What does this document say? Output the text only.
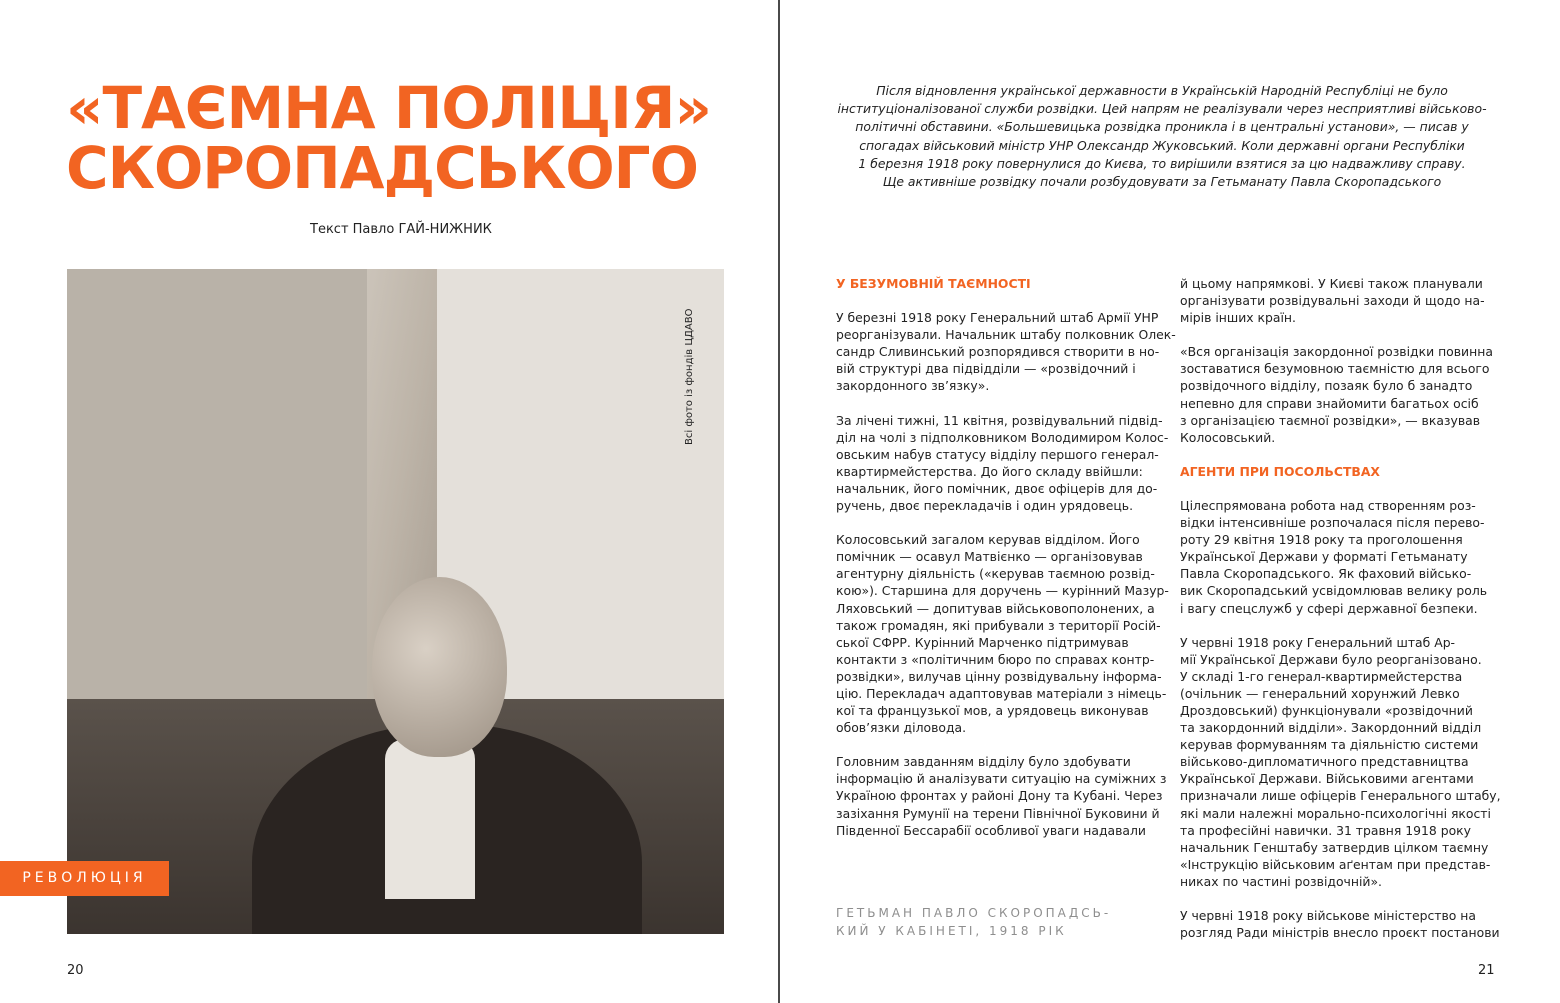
«ТАЄМНА ПОЛІЦІЯ»
СКОРОПАДСЬКОГО
Текст Павло ГАЙ-НИЖНИК
Всі фото із фондів ЦДАВО
РЕВОЛЮЦІЯ
20
Після відновлення української державности в Українській Народній Республіці не було
інституціоналізованої служби розвідки. Цей напрям не реалізували через несприятливі військово-
політичні обставини. «Большевицька розвідка проникла і в центральні установи», — писав у
спогадах військовий міністр УНР Олександр Жуковський. Коли державні органи Республіки
1 березня 1918 року повернулися до Києва, то вирішили взятися за цю надважливу справу.
Ще активніше розвідку почали розбудовувати за Гетьманату Павла Скоропадського
У БЕЗУМОВНІЙ ТАЄМНОСТІ

У березні 1918 року Генеральний штаб Армії УНР
реорганізували. Начальник штабу полковник Олек-
сандр Сливинський розпорядився створити в но-
вій структурі два підвідділи — «розвідочний і
закордонного зв’язку».

За лічені тижні, 11 квітня, розвідувальний підвід-
діл на чолі з підполковником Володимиром Колос-
овським набув статусу відділу першого генерал-
квартирмейстерства. До його складу ввійшли:
начальник, його помічник, двоє офіцерів для до-
ручень, двоє перекладачів і один урядовець.

Колосовський загалом керував відділом. Його
помічник — осавул Матвієнко — організовував
агентурну діяльність («керував таємною розвід-
кою»). Старшина для доручень — курінний Мазур-
Ляховський — допитував військовополонених, а
також громадян, які прибували з території Росій-
ської СФРР. Курінний Марченко підтримував
контакти з «політичним бюро по справах контр-
розвідки», вилучав цінну розвідувальну інформа-
цію. Перекладач адаптовував матеріали з німець-
кої та французької мов, а урядовець виконував
обов’язки діловода.

Головним завданням відділу було здобувати
інформацію й аналізувати ситуацію на суміжних з
Україною фронтах у районі Дону та Кубані. Через
зазіхання Румунії на терени Північної Буковини й
Південної Бессарабії особливої уваги надавали

ГЕТЬМАН ПАВЛО СКОРОПАДСЬ-
КИЙ У КАБІНЕТІ, 1918 РІК

й цьому напрямкові. У Києві також планували
організувати розвідувальні заходи й щодо на-
мірів інших країн.

«Вся організація закордонної розвідки повинна
зоставатися безумовною таємністю для всього
розвідочного відділу, позаяк було б занадто
непевно для справи знайомити багатьох осіб
з організацією таємної розвідки», — вказував
Колосовський.

АГЕНТИ ПРИ ПОСОЛЬСТВАХ

Цілеспрямована робота над створенням роз-
відки інтенсивніше розпочалася після перево-
роту 29 квітня 1918 року та проголошення
Української Держави у форматі Гетьманату
Павла Скоропадського. Як фаховий військо-
вик Скоропадський усвідомлював велику роль
і вагу спецслужб у сфері державної безпеки.

У червні 1918 року Генеральний штаб Ар-
мії Української Держави було реорганізовано.
У складі 1-го генерал-квартирмейстерства
(очільник — генеральний хорунжий Левко
Дроздовський) функціонували «розвідочний
та закордонний відділи». Закордонний відділ
керував формуванням та діяльністю системи
військово-дипломатичного представництва
Української Держави. Військовими агентами
призначали лише офіцерів Генерального штабу,
які мали належні морально-психологічні якості
та професійні навички. 31 травня 1918 року
начальник Генштабу затвердив цілком таємну
«Інструкцію військовим аґентам при представ-
никах по частині розвідочній».

У червні 1918 року військове міністерство на
розгляд Ради міністрів внесло проєкт постанови

21
